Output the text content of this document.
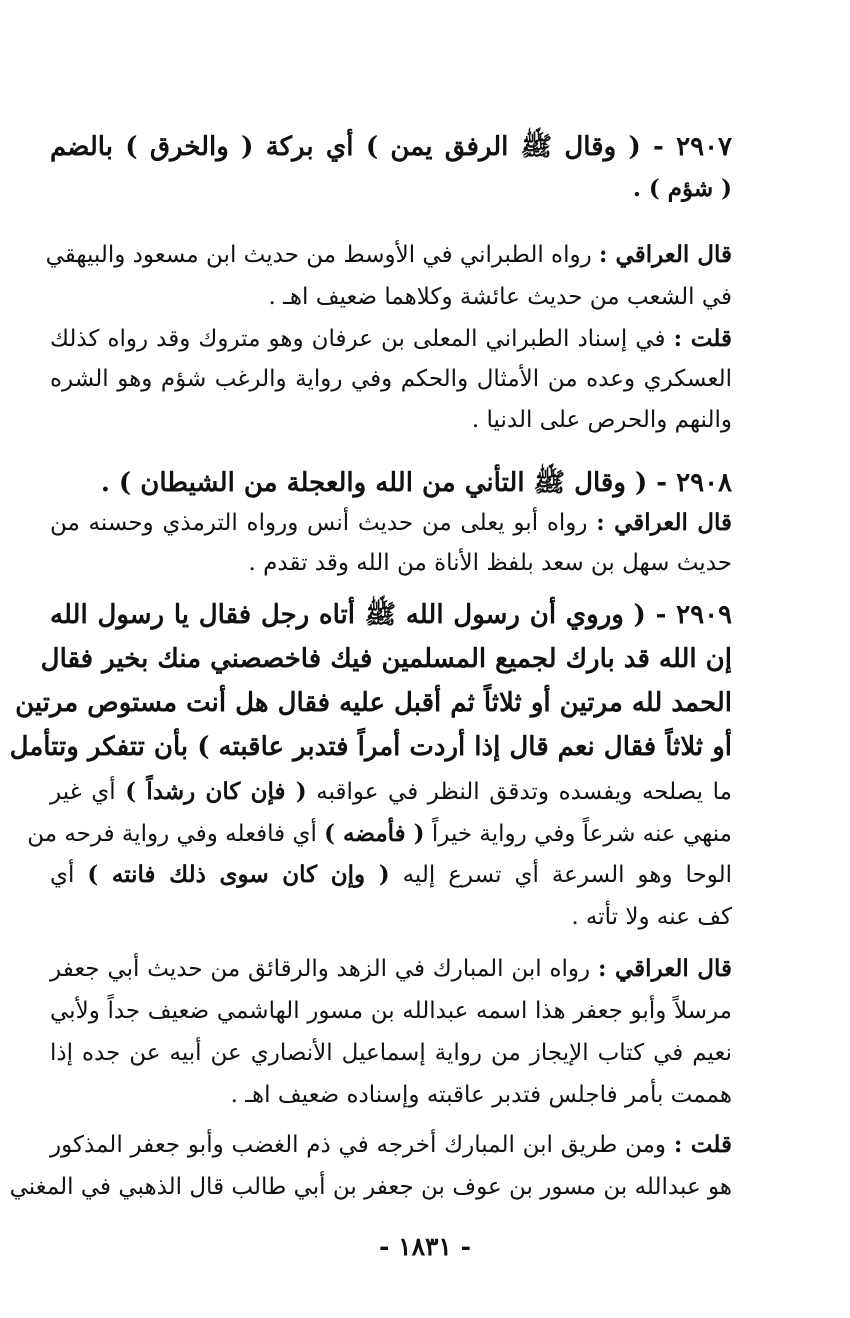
٢٩٠٧ - ( وقال ﷺ الرفق يمن ) أي بركة ( والخرق ) بالضم
( شؤم ) .
قال العراقي : رواه الطبراني في الأوسط من حديث ابن مسعود والبيهقي
في الشعب من حديث عائشة وكلاهما ضعيف اهـ .
قلت : في إسناد الطبراني المعلى بن عرفان وهو متروك وقد رواه كذلك
العسكري وعده من الأمثال والحكم وفي رواية والرغب شؤم وهو الشره
والنهم والحرص على الدنيا .
٢٩٠٨ - ( وقال ﷺ التأني من الله والعجلة من الشيطان ) .
قال العراقي : رواه أبو يعلى من حديث أنس ورواه الترمذي وحسنه من
حديث سهل بن سعد بلفظ الأناة من الله وقد تقدم .
٢٩٠٩ - ( وروي أن رسول الله ﷺ أتاه رجل فقال يا رسول الله
إن الله قد بارك لجميع المسلمين فيك فاخصصني منك بخير فقال
الحمد لله مرتين أو ثلاثاً ثم أقبل عليه فقال هل أنت مستوص مرتين
أو ثلاثاً فقال نعم قال إذا أردت أمراً فتدبر عاقبته ) بأن تتفكر وتتأمل
ما يصلحه ويفسده وتدقق النظر في عواقبه ( فإن كان رشداً ) أي غير
منهي عنه شرعاً وفي رواية خيراً ( فأمضه ) أي فافعله وفي رواية فرحه من
الوحا وهو السرعة أي تسرع إليه ( وإن كان سوى ذلك فانته ) أي
كف عنه ولا تأته .
قال العراقي : رواه ابن المبارك في الزهد والرقائق من حديث أبي جعفر
مرسلاً وأبو جعفر هذا اسمه عبدالله بن مسور الهاشمي ضعيف جداً ولأبي
نعيم في كتاب الإيجاز من رواية إسماعيل الأنصاري عن أبيه عن جده إذا
هممت بأمر فاجلس فتدبر عاقبته وإسناده ضعيف اهـ .
قلت : ومن طريق ابن المبارك أخرجه في ذم الغضب وأبو جعفر المذكور
هو عبدالله بن مسور بن عوف بن جعفر بن أبي طالب قال الذهبي في المغني
- ١٨٣١ -
